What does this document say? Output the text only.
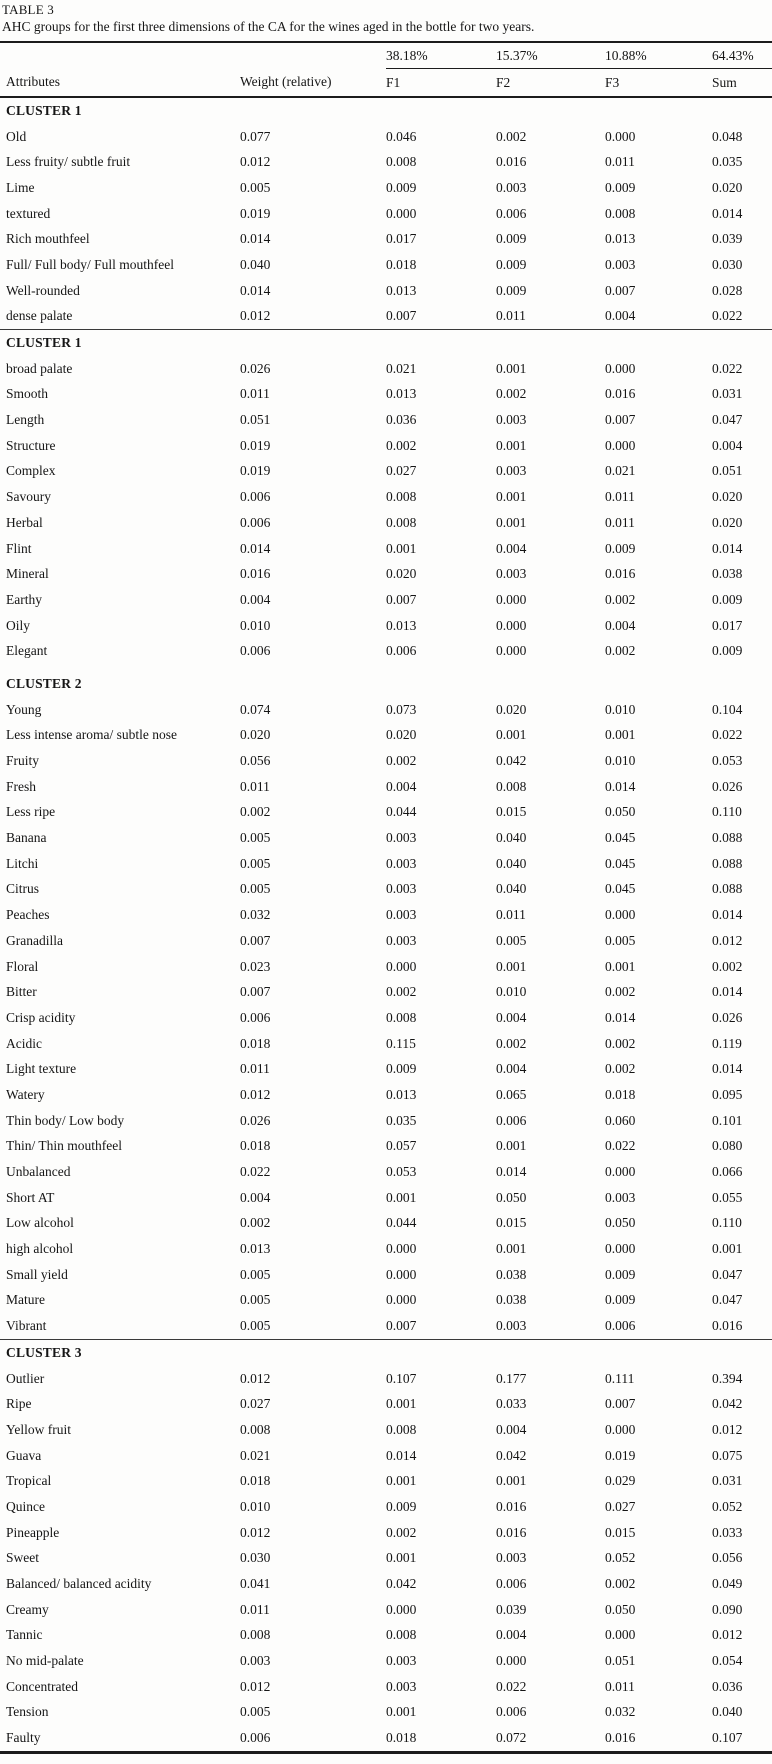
TABLE 3
AHC groups for the first three dimensions of the CA for the wines aged in the bottle for two years.
		38.18%	15.37%	10.88%	64.43%
Attributes	Weight (relative)	F1	F2	F3	Sum
CLUSTER 1					
Old	0.077	0.046	0.002	0.000	0.048
Less fruity/ subtle fruit	0.012	0.008	0.016	0.011	0.035
Lime	0.005	0.009	0.003	0.009	0.020
textured	0.019	0.000	0.006	0.008	0.014
Rich mouthfeel	0.014	0.017	0.009	0.013	0.039
Full/ Full body/ Full mouthfeel	0.040	0.018	0.009	0.003	0.030
Well-rounded	0.014	0.013	0.009	0.007	0.028
dense palate	0.012	0.007	0.011	0.004	0.022
CLUSTER 1					
broad palate	0.026	0.021	0.001	0.000	0.022
Smooth	0.011	0.013	0.002	0.016	0.031
Length	0.051	0.036	0.003	0.007	0.047
Structure	0.019	0.002	0.001	0.000	0.004
Complex	0.019	0.027	0.003	0.021	0.051
Savoury	0.006	0.008	0.001	0.011	0.020
Herbal	0.006	0.008	0.001	0.011	0.020
Flint	0.014	0.001	0.004	0.009	0.014
Mineral	0.016	0.020	0.003	0.016	0.038
Earthy	0.004	0.007	0.000	0.002	0.009
Oily	0.010	0.013	0.000	0.004	0.017
Elegant	0.006	0.006	0.000	0.002	0.009
CLUSTER 2					
Young	0.074	0.073	0.020	0.010	0.104
Less intense aroma/ subtle nose	0.020	0.020	0.001	0.001	0.022
Fruity	0.056	0.002	0.042	0.010	0.053
Fresh	0.011	0.004	0.008	0.014	0.026
Less ripe	0.002	0.044	0.015	0.050	0.110
Banana	0.005	0.003	0.040	0.045	0.088
Litchi	0.005	0.003	0.040	0.045	0.088
Citrus	0.005	0.003	0.040	0.045	0.088
Peaches	0.032	0.003	0.011	0.000	0.014
Granadilla	0.007	0.003	0.005	0.005	0.012
Floral	0.023	0.000	0.001	0.001	0.002
Bitter	0.007	0.002	0.010	0.002	0.014
Crisp acidity	0.006	0.008	0.004	0.014	0.026
Acidic	0.018	0.115	0.002	0.002	0.119
Light texture	0.011	0.009	0.004	0.002	0.014
Watery	0.012	0.013	0.065	0.018	0.095
Thin body/ Low body	0.026	0.035	0.006	0.060	0.101
Thin/ Thin mouthfeel	0.018	0.057	0.001	0.022	0.080
Unbalanced	0.022	0.053	0.014	0.000	0.066
Short AT	0.004	0.001	0.050	0.003	0.055
Low alcohol	0.002	0.044	0.015	0.050	0.110
high alcohol	0.013	0.000	0.001	0.000	0.001
Small yield	0.005	0.000	0.038	0.009	0.047
Mature	0.005	0.000	0.038	0.009	0.047
Vibrant	0.005	0.007	0.003	0.006	0.016
CLUSTER 3					
Outlier	0.012	0.107	0.177	0.111	0.394
Ripe	0.027	0.001	0.033	0.007	0.042
Yellow fruit	0.008	0.008	0.004	0.000	0.012
Guava	0.021	0.014	0.042	0.019	0.075
Tropical	0.018	0.001	0.001	0.029	0.031
Quince	0.010	0.009	0.016	0.027	0.052
Pineapple	0.012	0.002	0.016	0.015	0.033
Sweet	0.030	0.001	0.003	0.052	0.056
Balanced/ balanced acidity	0.041	0.042	0.006	0.002	0.049
Creamy	0.011	0.000	0.039	0.050	0.090
Tannic	0.008	0.008	0.004	0.000	0.012
No mid-palate	0.003	0.003	0.000	0.051	0.054
Concentrated	0.012	0.003	0.022	0.011	0.036
Tension	0.005	0.001	0.006	0.032	0.040
Faulty	0.006	0.018	0.072	0.016	0.107
